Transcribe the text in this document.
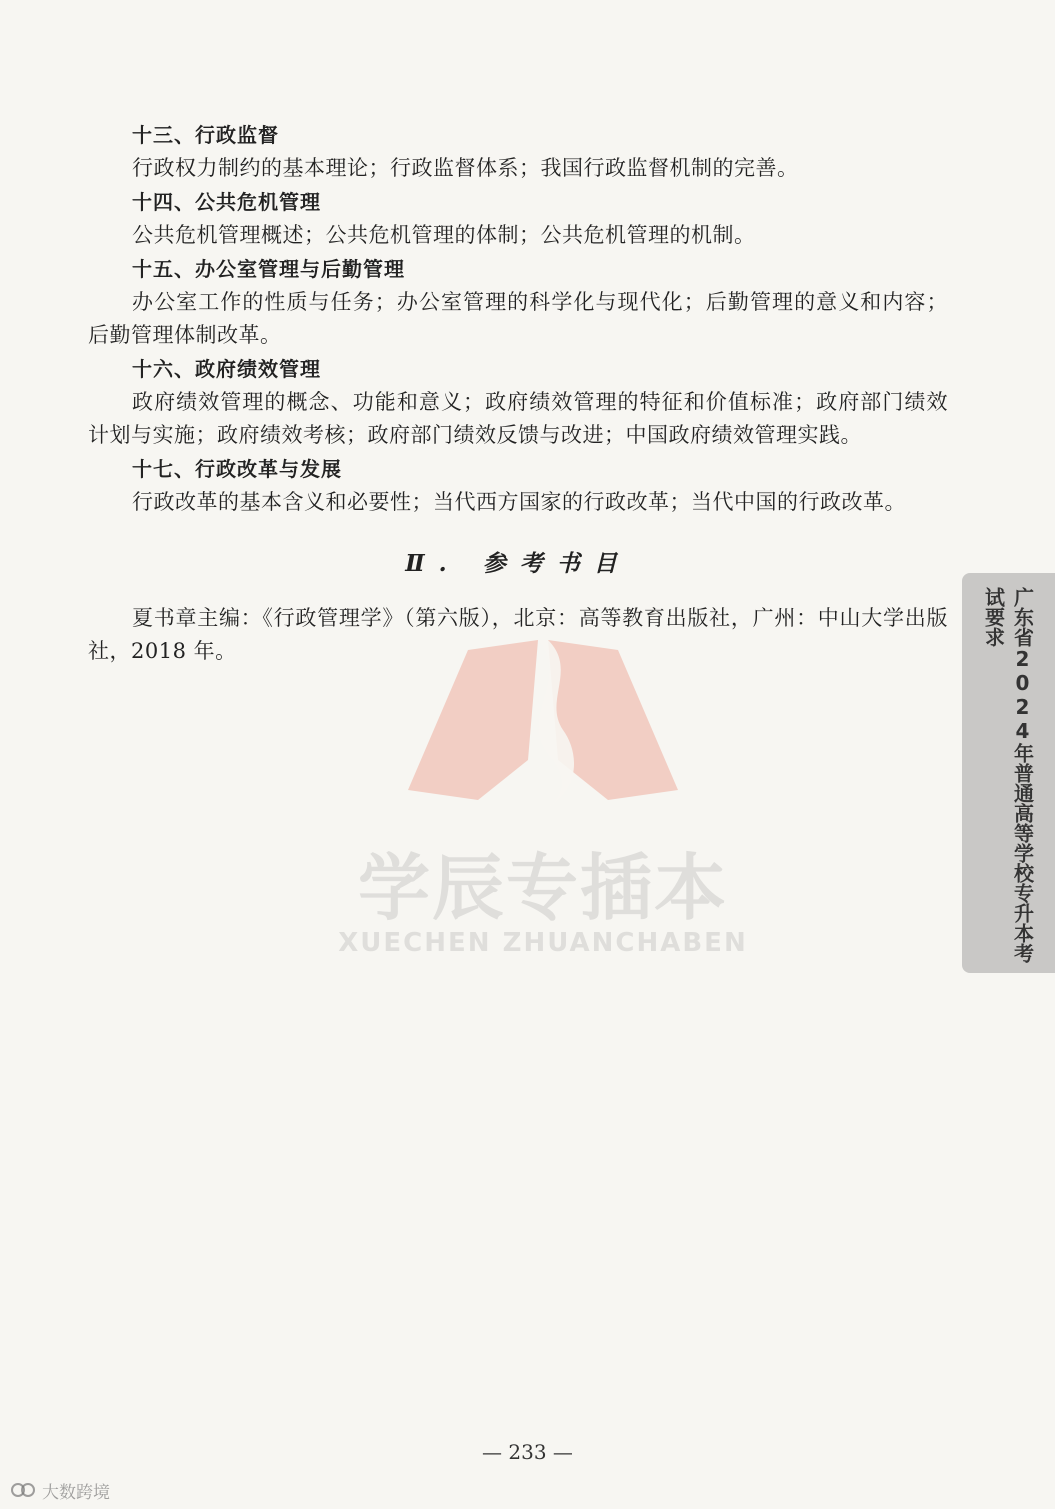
学辰专插本
XUECHEN ZHUANCHABEN

十三、行政监督

行政权力制约的基本理论；行政监督体系；我国行政监督机制的完善。

十四、公共危机管理

公共危机管理概述；公共危机管理的体制；公共危机管理的机制。

十五、办公室管理与后勤管理

办公室工作的性质与任务；办公室管理的科学化与现代化；后勤管理的意义和内容；后勤管理体制改革。

十六、政府绩效管理

政府绩效管理的概念、功能和意义；政府绩效管理的特征和价值标准；政府部门绩效计划与实施；政府绩效考核；政府部门绩效反馈与改进；中国政府绩效管理实践。

十七、行政改革与发展

行政改革的基本含义和必要性；当代西方国家的行政改革；当代中国的行政改革。

Ⅱ. 参考书目

夏书章主编：《行政管理学》（第六版），北京：高等教育出版社，广州：中山大学出版社，2018 年。	广东省2024年普通高等学校专升本考试要求
— 233 —
大数跨境
